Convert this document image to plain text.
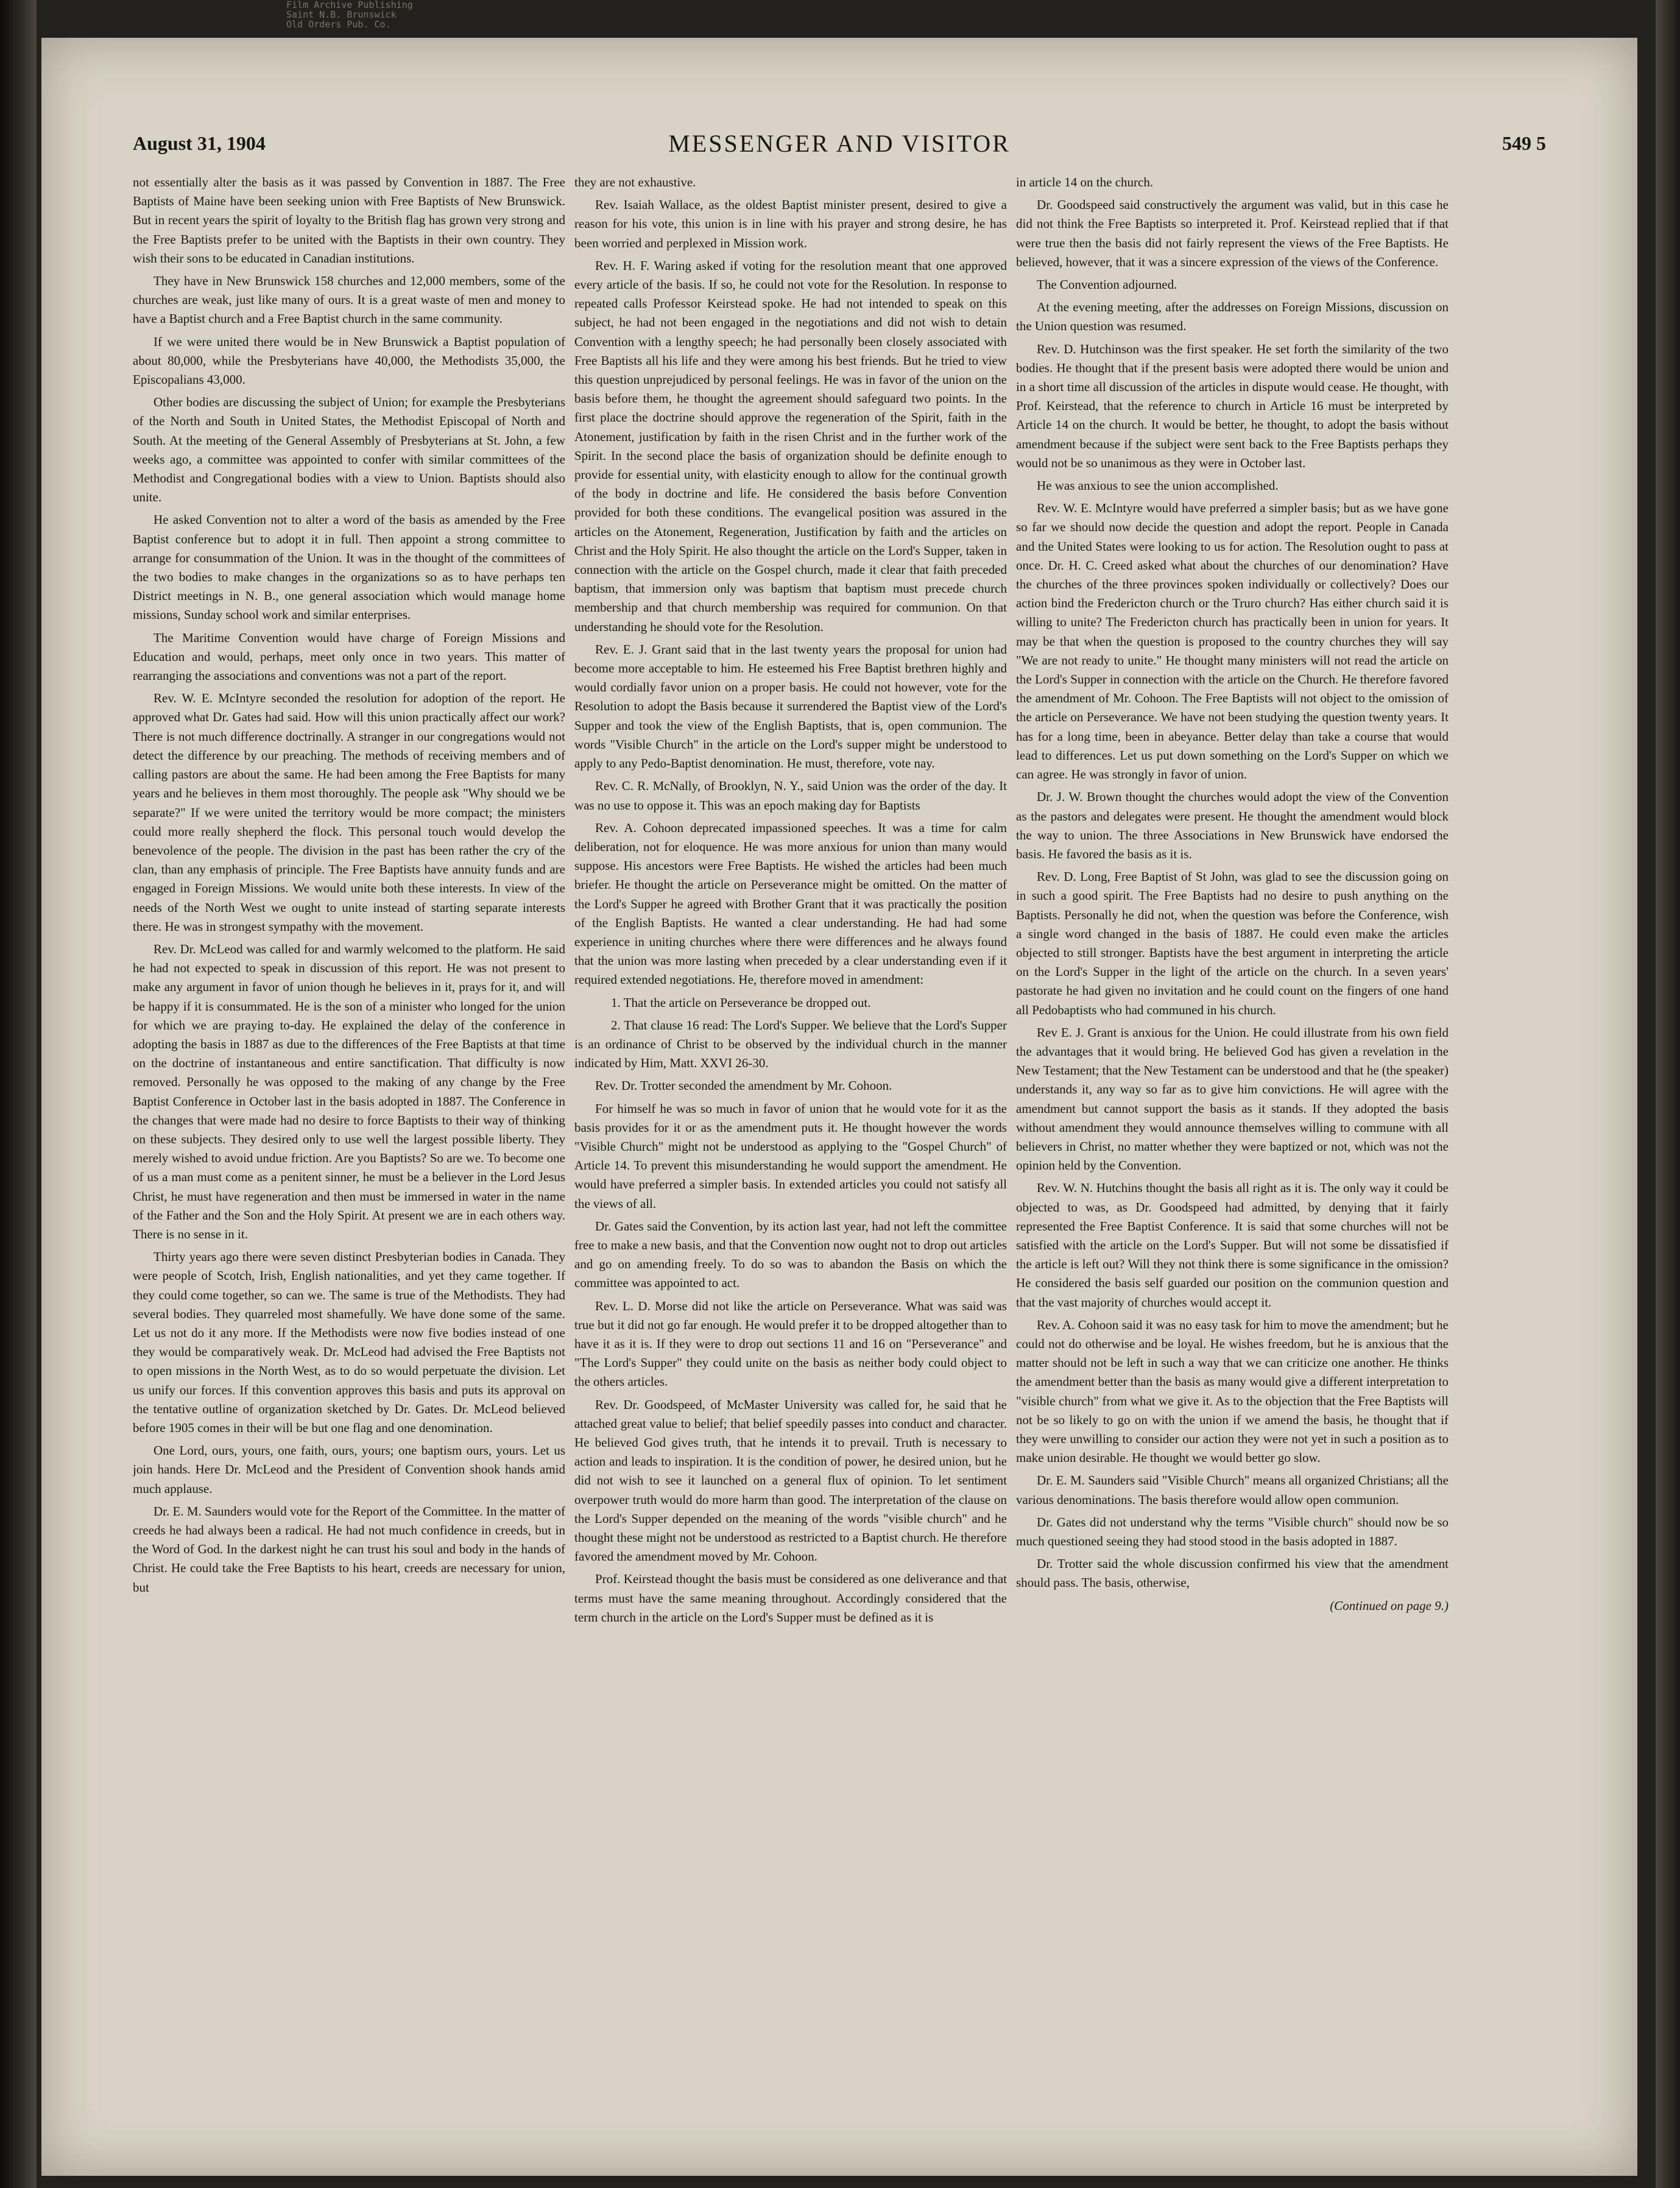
Film Archive Publishing
Saint N.B. Brunswick
Old Orders Pub. Co.
August 31, 1904	MESSENGER AND VISITOR	549 5

not essentially alter the basis as it was passed by Convention in 1887. The Free Baptists of Maine have been seeking union with Free Baptists of New Brunswick. But in recent years the spirit of loyalty to the British flag has grown very strong and the Free Baptists prefer to be united with the Baptists in their own country. They wish their sons to be educated in Canadian institutions.

They have in New Brunswick 158 churches and 12,000 members, some of the churches are weak, just like many of ours. It is a great waste of men and money to have a Baptist church and a Free Baptist church in the same community.

If we were united there would be in New Brunswick a Baptist population of about 80,000, while the Presbyterians have 40,000, the Methodists 35,000, the Episcopalians 43,000.

Other bodies are discussing the subject of Union; for example the Presbyterians of the North and South in United States, the Methodist Episcopal of North and South. At the meeting of the General Assembly of Presbyterians at St. John, a few weeks ago, a committee was appointed to confer with similar committees of the Methodist and Congregational bodies with a view to Union. Baptists should also unite.

He asked Convention not to alter a word of the basis as amended by the Free Baptist conference but to adopt it in full. Then appoint a strong committee to arrange for consummation of the Union. It was in the thought of the committees of the two bodies to make changes in the organizations so as to have perhaps ten District meetings in N. B., one general association which would manage home missions, Sunday school work and similar enterprises.

The Maritime Convention would have charge of Foreign Missions and Education and would, perhaps, meet only once in two years. This matter of rearranging the associations and conventions was not a part of the report.

Rev. W. E. McIntyre seconded the resolution for adoption of the report. He approved what Dr. Gates had said. How will this union practically affect our work? There is not much difference doctrinally. A stranger in our congregations would not detect the difference by our preaching. The methods of receiving members and of calling pastors are about the same. He had been among the Free Baptists for many years and he believes in them most thoroughly. The people ask "Why should we be separate?" If we were united the territory would be more compact; the ministers could more really shepherd the flock. This personal touch would develop the benevolence of the people. The division in the past has been rather the cry of the clan, than any emphasis of principle. The Free Baptists have annuity funds and are engaged in Foreign Missions. We would unite both these interests. In view of the needs of the North West we ought to unite instead of starting separate interests there. He was in strongest sympathy with the movement.

Rev. Dr. McLeod was called for and warmly welcomed to the platform. He said he had not expected to speak in discussion of this report. He was not present to make any argument in favor of union though he believes in it, prays for it, and will be happy if it is consummated. He is the son of a minister who longed for the union for which we are praying to-day. He explained the delay of the conference in adopting the basis in 1887 as due to the differences of the Free Baptists at that time on the doctrine of instantaneous and entire sanctification. That difficulty is now removed. Personally he was opposed to the making of any change by the Free Baptist Conference in October last in the basis adopted in 1887. The Conference in the changes that were made had no desire to force Baptists to their way of thinking on these subjects. They desired only to use well the largest possible liberty. They merely wished to avoid undue friction. Are you Baptists? So are we. To become one of us a man must come as a penitent sinner, he must be a believer in the Lord Jesus Christ, he must have regeneration and then must be immersed in water in the name of the Father and the Son and the Holy Spirit. At present we are in each others way. There is no sense in it.

Thirty years ago there were seven distinct Presbyterian bodies in Canada. They were people of Scotch, Irish, English nationalities, and yet they came together. If they could come together, so can we. The same is true of the Methodists. They had several bodies. They quarreled most shamefully. We have done some of the same. Let us not do it any more. If the Methodists were now five bodies instead of one they would be comparatively weak. Dr. McLeod had advised the Free Baptists not to open missions in the North West, as to do so would perpetuate the division. Let us unify our forces. If this convention approves this basis and puts its approval on the tentative outline of organization sketched by Dr. Gates. Dr. McLeod believed before 1905 comes in their will be but one flag and one denomination.

One Lord, ours, yours, one faith, ours, yours; one baptism ours, yours. Let us join hands. Here Dr. McLeod and the President of Convention shook hands amid much applause.

Dr. E. M. Saunders would vote for the Report of the Committee. In the matter of creeds he had always been a radical. He had not much confidence in creeds, but in the Word of God. In the darkest night he can trust his soul and body in the hands of Christ. He could take the Free Baptists to his heart, creeds are necessary for union, but

they are not exhaustive.

Rev. Isaiah Wallace, as the oldest Baptist minister present, desired to give a reason for his vote, this union is in line with his prayer and strong desire, he has been worried and perplexed in Mission work.

Rev. H. F. Waring asked if voting for the resolution meant that one approved every article of the basis. If so, he could not vote for the Resolution. In response to repeated calls Professor Keirstead spoke. He had not intended to speak on this subject, he had not been engaged in the negotiations and did not wish to detain Convention with a lengthy speech; he had personally been closely associated with Free Baptists all his life and they were among his best friends. But he tried to view this question unprejudiced by personal feelings. He was in favor of the union on the basis before them, he thought the agreement should safeguard two points. In the first place the doctrine should approve the regeneration of the Spirit, faith in the Atonement, justification by faith in the risen Christ and in the further work of the Spirit. In the second place the basis of organization should be definite enough to provide for essential unity, with elasticity enough to allow for the continual growth of the body in doctrine and life. He considered the basis before Convention provided for both these conditions. The evangelical position was assured in the articles on the Atonement, Regeneration, Justification by faith and the articles on Christ and the Holy Spirit. He also thought the article on the Lord's Supper, taken in connection with the article on the Gospel church, made it clear that faith preceded baptism, that immersion only was baptism that baptism must precede church membership and that church membership was required for communion. On that understanding he should vote for the Resolution.

Rev. E. J. Grant said that in the last twenty years the proposal for union had become more acceptable to him. He esteemed his Free Baptist brethren highly and would cordially favor union on a proper basis. He could not however, vote for the Resolution to adopt the Basis because it surrendered the Baptist view of the Lord's Supper and took the view of the English Baptists, that is, open communion. The words "Visible Church" in the article on the Lord's supper might be understood to apply to any Pedo-Baptist denomination. He must, therefore, vote nay.

Rev. C. R. McNally, of Brooklyn, N. Y., said Union was the order of the day. It was no use to oppose it. This was an epoch making day for Baptists

Rev. A. Cohoon deprecated impassioned speeches. It was a time for calm deliberation, not for eloquence. He was more anxious for union than many would suppose. His ancestors were Free Baptists. He wished the articles had been much briefer. He thought the article on Perseverance might be omitted. On the matter of the Lord's Supper he agreed with Brother Grant that it was practically the position of the English Baptists. He wanted a clear understanding. He had had some experience in uniting churches where there were differences and he always found that the union was more lasting when preceded by a clear understanding even if it required extended negotiations. He, therefore moved in amendment:

1. That the article on Perseverance be dropped out.

2. That clause 16 read: The Lord's Supper. We believe that the Lord's Supper is an ordinance of Christ to be observed by the individual church in the manner indicated by Him, Matt. XXVI 26-30.

Rev. Dr. Trotter seconded the amendment by Mr. Cohoon.

For himself he was so much in favor of union that he would vote for it as the basis provides for it or as the amendment puts it. He thought however the words "Visible Church" might not be understood as applying to the "Gospel Church" of Article 14. To prevent this misunderstanding he would support the amendment. He would have preferred a simpler basis. In extended articles you could not satisfy all the views of all.

Dr. Gates said the Convention, by its action last year, had not left the committee free to make a new basis, and that the Convention now ought not to drop out articles and go on amending freely. To do so was to abandon the Basis on which the committee was appointed to act.

Rev. L. D. Morse did not like the article on Perseverance. What was said was true but it did not go far enough. He would prefer it to be dropped altogether than to have it as it is. If they were to drop out sections 11 and 16 on "Perseverance" and "The Lord's Supper" they could unite on the basis as neither body could object to the others articles.

Rev. Dr. Goodspeed, of McMaster University was called for, he said that he attached great value to belief; that belief speedily passes into conduct and character. He believed God gives truth, that he intends it to prevail. Truth is necessary to action and leads to inspiration. It is the condition of power, he desired union, but he did not wish to see it launched on a general flux of opinion. To let sentiment overpower truth would do more harm than good. The interpretation of the clause on the Lord's Supper depended on the meaning of the words "visible church" and he thought these might not be understood as restricted to a Baptist church. He therefore favored the amendment moved by Mr. Cohoon.

Prof. Keirstead thought the basis must be considered as one deliverance and that terms must have the same meaning throughout. Accordingly considered that the term church in the article on the Lord's Supper must be defined as it is

in article 14 on the church.

Dr. Goodspeed said constructively the argument was valid, but in this case he did not think the Free Baptists so interpreted it. Prof. Keirstead replied that if that were true then the basis did not fairly represent the views of the Free Baptists. He believed, however, that it was a sincere expression of the views of the Conference.

The Convention adjourned.

At the evening meeting, after the addresses on Foreign Missions, discussion on the Union question was resumed.

Rev. D. Hutchinson was the first speaker. He set forth the similarity of the two bodies. He thought that if the present basis were adopted there would be union and in a short time all discussion of the articles in dispute would cease. He thought, with Prof. Keirstead, that the reference to church in Article 16 must be interpreted by Article 14 on the church. It would be better, he thought, to adopt the basis without amendment because if the subject were sent back to the Free Baptists perhaps they would not be so unanimous as they were in October last.

He was anxious to see the union accomplished.

Rev. W. E. McIntyre would have preferred a simpler basis; but as we have gone so far we should now decide the question and adopt the report. People in Canada and the United States were looking to us for action. The Resolution ought to pass at once. Dr. H. C. Creed asked what about the churches of our denomination? Have the churches of the three provinces spoken individually or collectively? Does our action bind the Fredericton church or the Truro church? Has either church said it is willing to unite? The Fredericton church has practically been in union for years. It may be that when the question is proposed to the country churches they will say "We are not ready to unite." He thought many ministers will not read the article on the Lord's Supper in connection with the article on the Church. He therefore favored the amendment of Mr. Cohoon. The Free Baptists will not object to the omission of the article on Perseverance. We have not been studying the question twenty years. It has for a long time, been in abeyance. Better delay than take a course that would lead to differences. Let us put down something on the Lord's Supper on which we can agree. He was strongly in favor of union.

Dr. J. W. Brown thought the churches would adopt the view of the Convention as the pastors and delegates were present. He thought the amendment would block the way to union. The three Associations in New Brunswick have endorsed the basis. He favored the basis as it is.

Rev. D. Long, Free Baptist of St John, was glad to see the discussion going on in such a good spirit. The Free Baptists had no desire to push anything on the Baptists. Personally he did not, when the question was before the Conference, wish a single word changed in the basis of 1887. He could even make the articles objected to still stronger. Baptists have the best argument in interpreting the article on the Lord's Supper in the light of the article on the church. In a seven years' pastorate he had given no invitation and he could count on the fingers of one hand all Pedobaptists who had communed in his church.

Rev E. J. Grant is anxious for the Union. He could illustrate from his own field the advantages that it would bring. He believed God has given a revelation in the New Testament; that the New Testament can be understood and that he (the speaker) understands it, any way so far as to give him convictions. He will agree with the amendment but cannot support the basis as it stands. If they adopted the basis without amendment they would announce themselves willing to commune with all believers in Christ, no matter whether they were baptized or not, which was not the opinion held by the Convention.

Rev. W. N. Hutchins thought the basis all right as it is. The only way it could be objected to was, as Dr. Goodspeed had admitted, by denying that it fairly represented the Free Baptist Conference. It is said that some churches will not be satisfied with the article on the Lord's Supper. But will not some be dissatisfied if the article is left out? Will they not think there is some significance in the omission? He considered the basis self guarded our position on the communion question and that the vast majority of churches would accept it.

Rev. A. Cohoon said it was no easy task for him to move the amendment; but he could not do otherwise and be loyal. He wishes freedom, but he is anxious that the matter should not be left in such a way that we can criticize one another. He thinks the amendment better than the basis as many would give a different interpretation to "visible church" from what we give it. As to the objection that the Free Baptists will not be so likely to go on with the union if we amend the basis, he thought that if they were unwilling to consider our action they were not yet in such a position as to make union desirable. He thought we would better go slow.

Dr. E. M. Saunders said "Visible Church" means all organized Christians; all the various denominations. The basis therefore would allow open communion.

Dr. Gates did not understand why the terms "Visible church" should now be so much questioned seeing they had stood stood in the basis adopted in 1887.

Dr. Trotter said the whole discussion confirmed his view that the amendment should pass. The basis, otherwise,

(Continued on page 9.)
